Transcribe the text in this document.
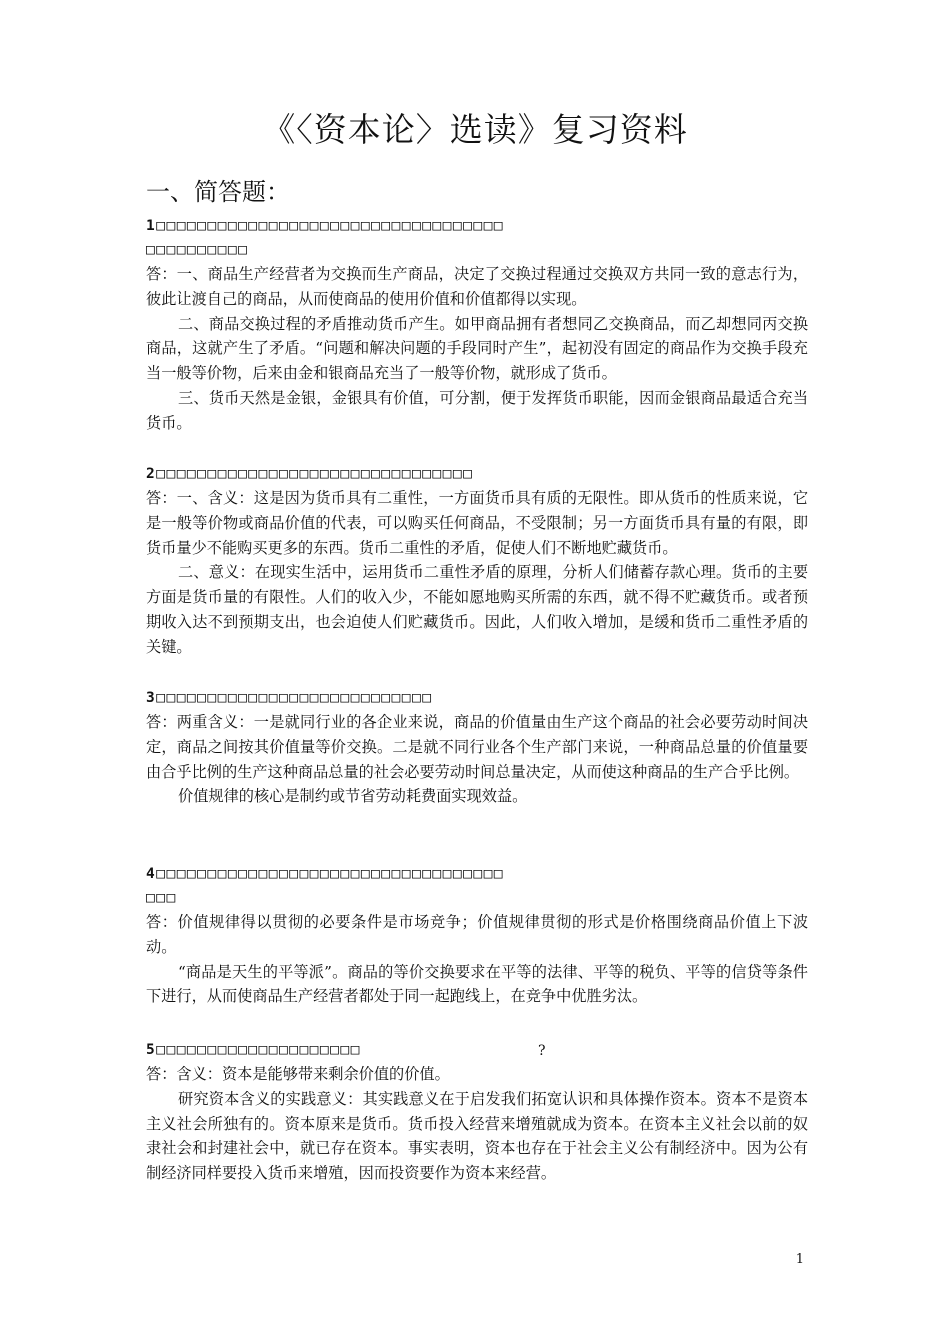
《〈资本论〉选读》复习资料
一、简答题：

1□□□□□□□□□□□□□□□□□□□□□□□□□□□□□□□□□□

□□□□□□□□□□

答：一、商品生产经营者为交换而生产商品，决定了交换过程通过交换双方共同一致的意志行为，彼此让渡自己的商品，从而使商品的使用价值和价值都得以实现。

二、商品交换过程的矛盾推动货币产生。如甲商品拥有者想同乙交换商品，而乙却想同丙交换商品，这就产生了矛盾。“问题和解决问题的手段同时产生”，起初没有固定的商品作为交换手段充当一般等价物，后来由金和银商品充当了一般等价物，就形成了货币。

三、货币天然是金银，金银具有价值，可分割，便于发挥货币职能，因而金银商品最适合充当货币。

2□□□□□□□□□□□□□□□□□□□□□□□□□□□□□□□

答：一、含义：这是因为货币具有二重性，一方面货币具有质的无限性。即从货币的性质来说，它是一般等价物或商品价值的代表，可以购买任何商品，不受限制；另一方面货币具有量的有限，即货币量少不能购买更多的东西。货币二重性的矛盾，促使人们不断地贮藏货币。

二、意义：在现实生活中，运用货币二重性矛盾的原理，分析人们储蓄存款心理。货币的主要方面是货币量的有限性。人们的收入少，不能如愿地购买所需的东西，就不得不贮藏货币。或者预期收入达不到预期支出，也会迫使人们贮藏货币。因此，人们收入增加，是缓和货币二重性矛盾的关键。

3□□□□□□□□□□□□□□□□□□□□□□□□□□□

答：两重含义：一是就同行业的各企业来说，商品的价值量由生产这个商品的社会必要劳动时间决定，商品之间按其价值量等价交换。二是就不同行业各个生产部门来说，一种商品总量的价值量要由合乎比例的生产这种商品总量的社会必要劳动时间总量决定，从而使这种商品的生产合乎比例。

价值规律的核心是制约或节省劳动耗费面实现效益。

4□□□□□□□□□□□□□□□□□□□□□□□□□□□□□□□□□□

□□□

答：价值规律得以贯彻的必要条件是市场竞争；价值规律贯彻的形式是价格围绕商品价值上下波动。

“商品是天生的平等派”。商品的等价交换要求在平等的法律、平等的税负、平等的信贷等条件下进行，从而使商品生产经营者都处于同一起跑线上，在竞争中优胜劣汰。

5□□□□□□□□□□□□□□□□□□□□

答：含义：资本是能够带来剩余价值的价值。

研究资本含义的实践意义：其实践意义在于启发我们拓宽认识和具体操作资本。资本不是资本主义社会所独有的。资本原来是货币。货币投入经营来增殖就成为资本。在资本主义社会以前的奴隶社会和封建社会中，就已存在资本。事实表明，资本也存在于社会主义公有制经济中。因为公有制经济同样要投入货币来增殖，因而投资要作为资本来经营。

?
1
